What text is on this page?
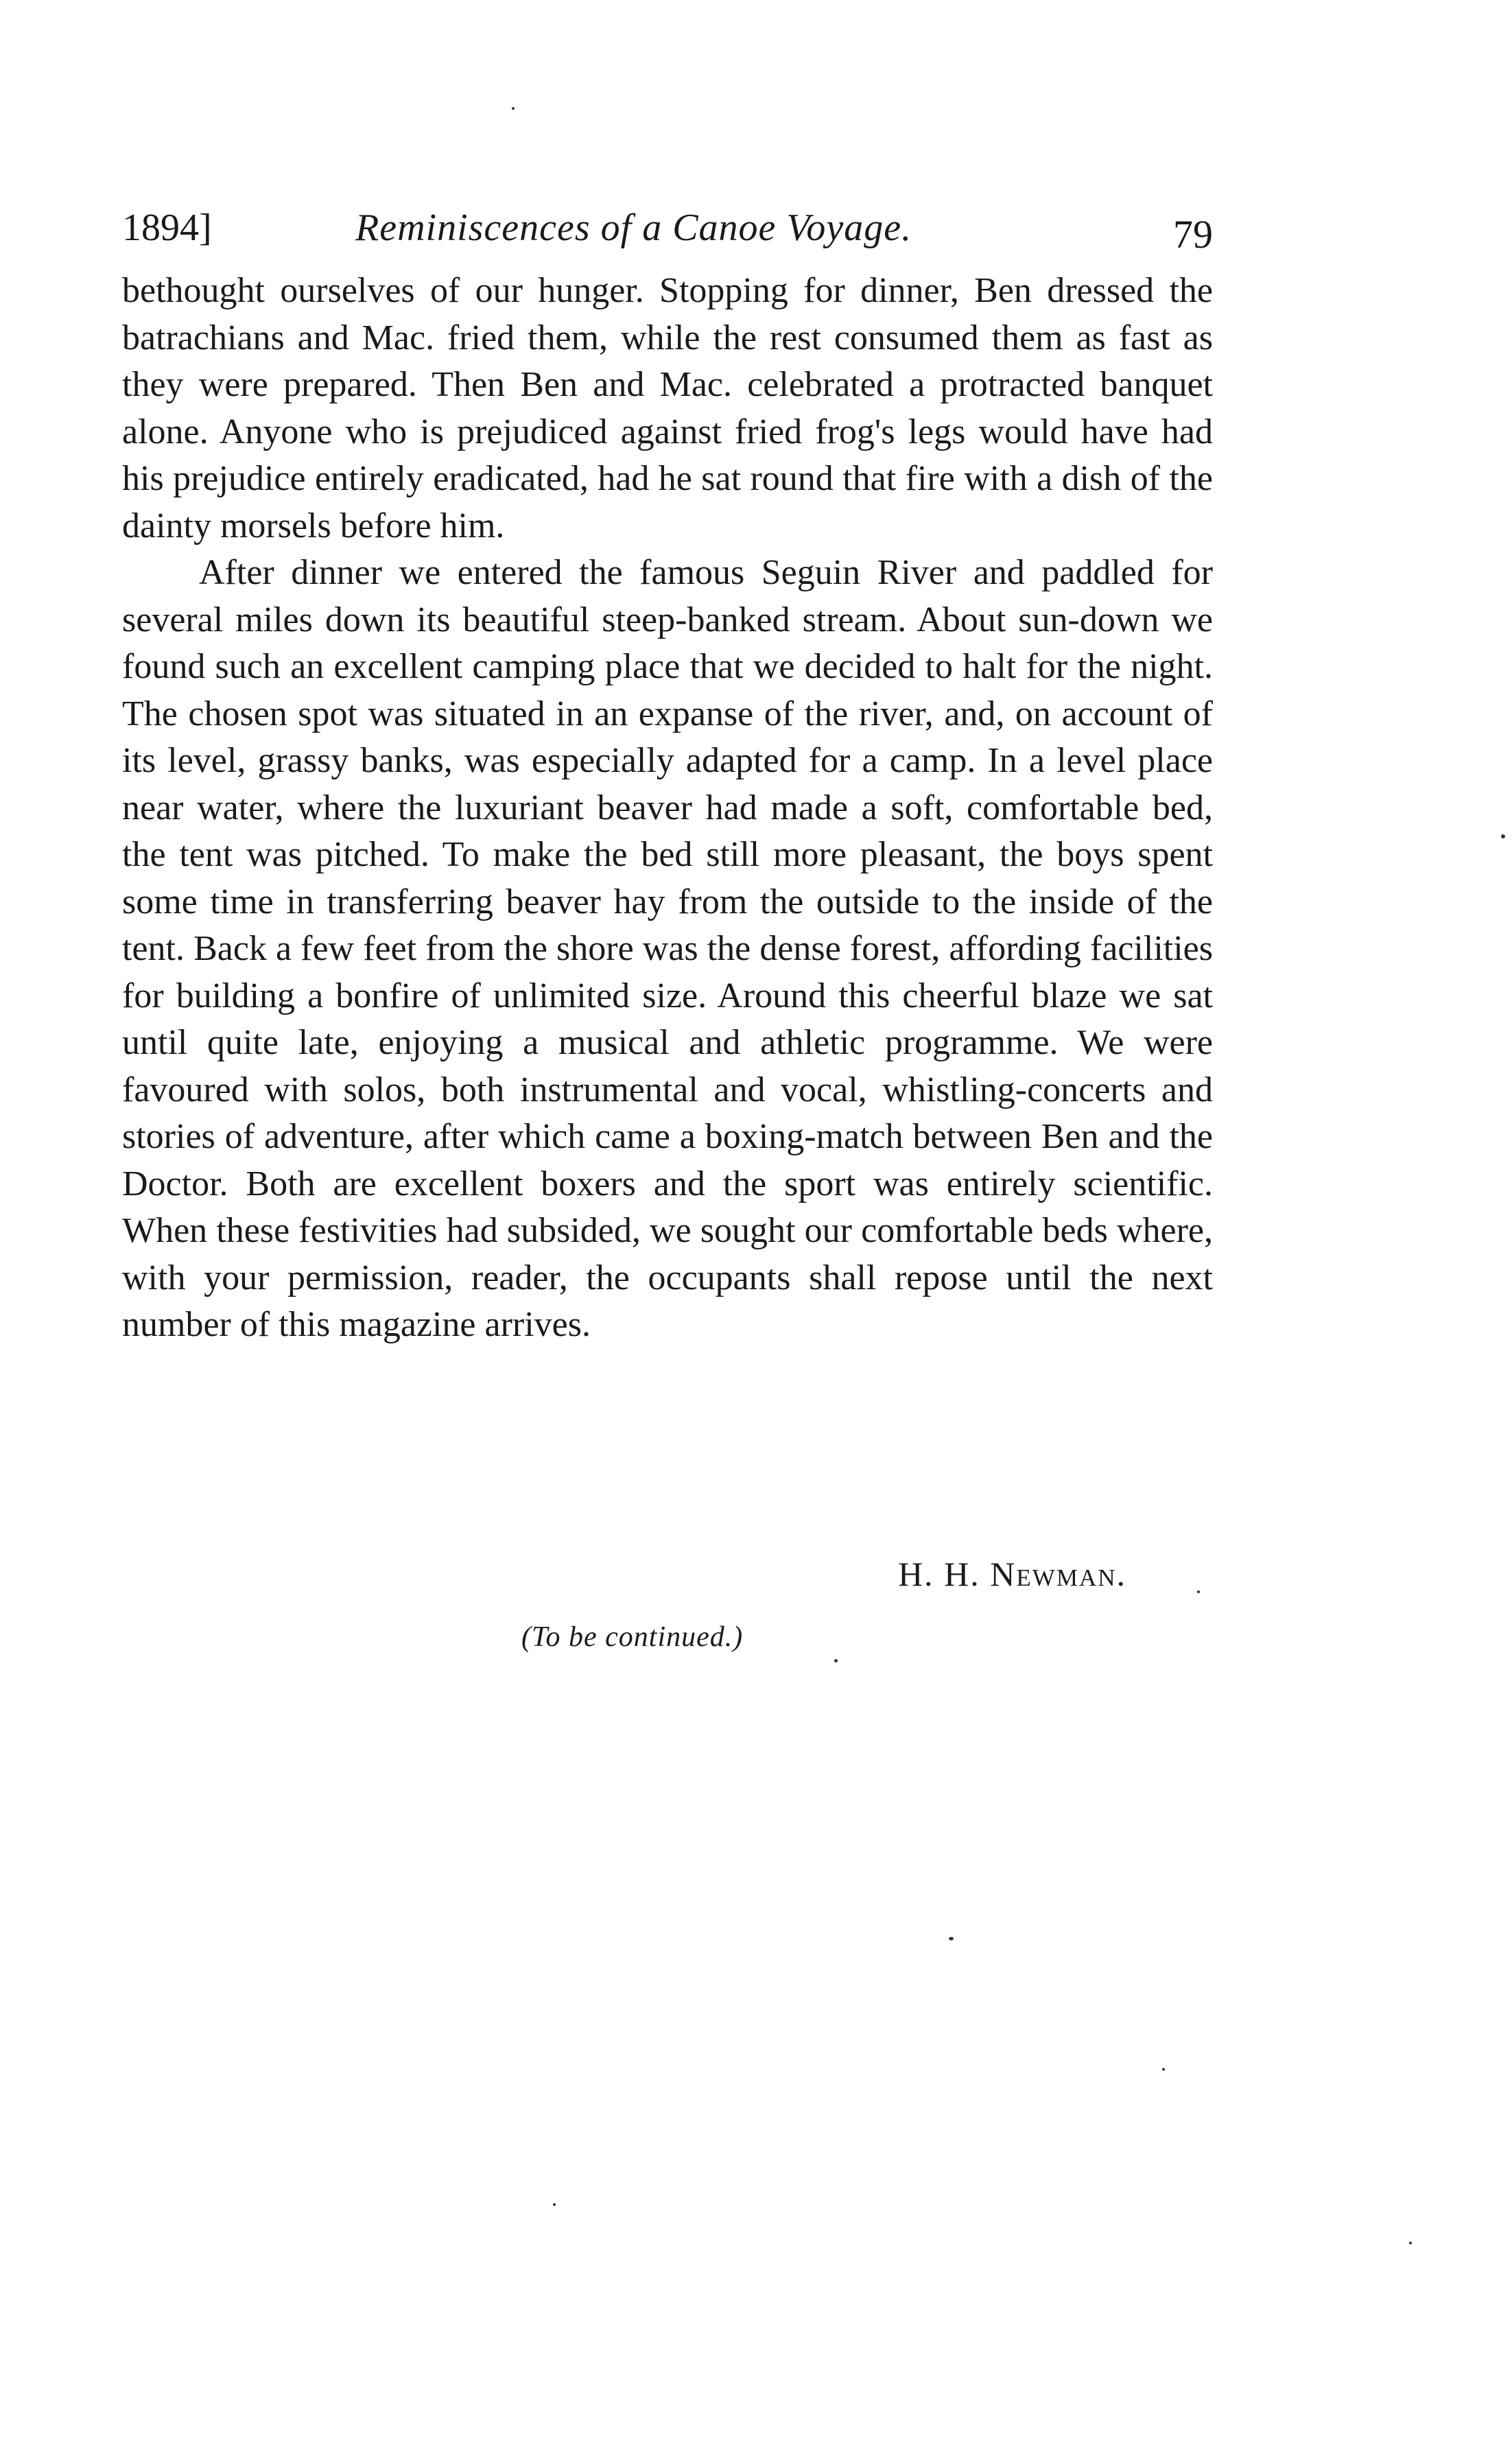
1894]	Reminiscences of a Canoe Voyage.	79

bethought ourselves of our hunger. Stopping for dinner, Ben dressed the batrachians and Mac. fried them, while the rest consumed them as fast as they were prepared. Then Ben and Mac. celebrated a protracted banquet alone. Anyone who is prejudiced against fried frog's legs would have had his prejudice entirely eradicated, had he sat round that fire with a dish of the dainty morsels before him.

After dinner we entered the famous Seguin River and paddled for several miles down its beautiful steep-banked stream. About sun-down we found such an excellent camping place that we decided to halt for the night. The chosen spot was situated in an expanse of the river, and, on account of its level, grassy banks, was especially adapted for a camp. In a level place near water, where the luxuriant beaver had made a soft, comfortable bed, the tent was pitched. To make the bed still more pleasant, the boys spent some time in transferring beaver hay from the outside to the inside of the tent. Back a few feet from the shore was the dense forest, affording facilities for building a bonfire of unlimited size. Around this cheerful blaze we sat until quite late, enjoying a musical and athletic programme. We were favoured with solos, both instrumental and vocal, whistling-concerts and stories of adventure, after which came a boxing-match between Ben and the Doctor. Both are excellent boxers and the sport was entirely scientific. When these festivities had subsided, we sought our comfortable beds where, with your permission, reader, the occupants shall repose until the next number of this magazine arrives.

H. H. Newman.
(To be continued.)
